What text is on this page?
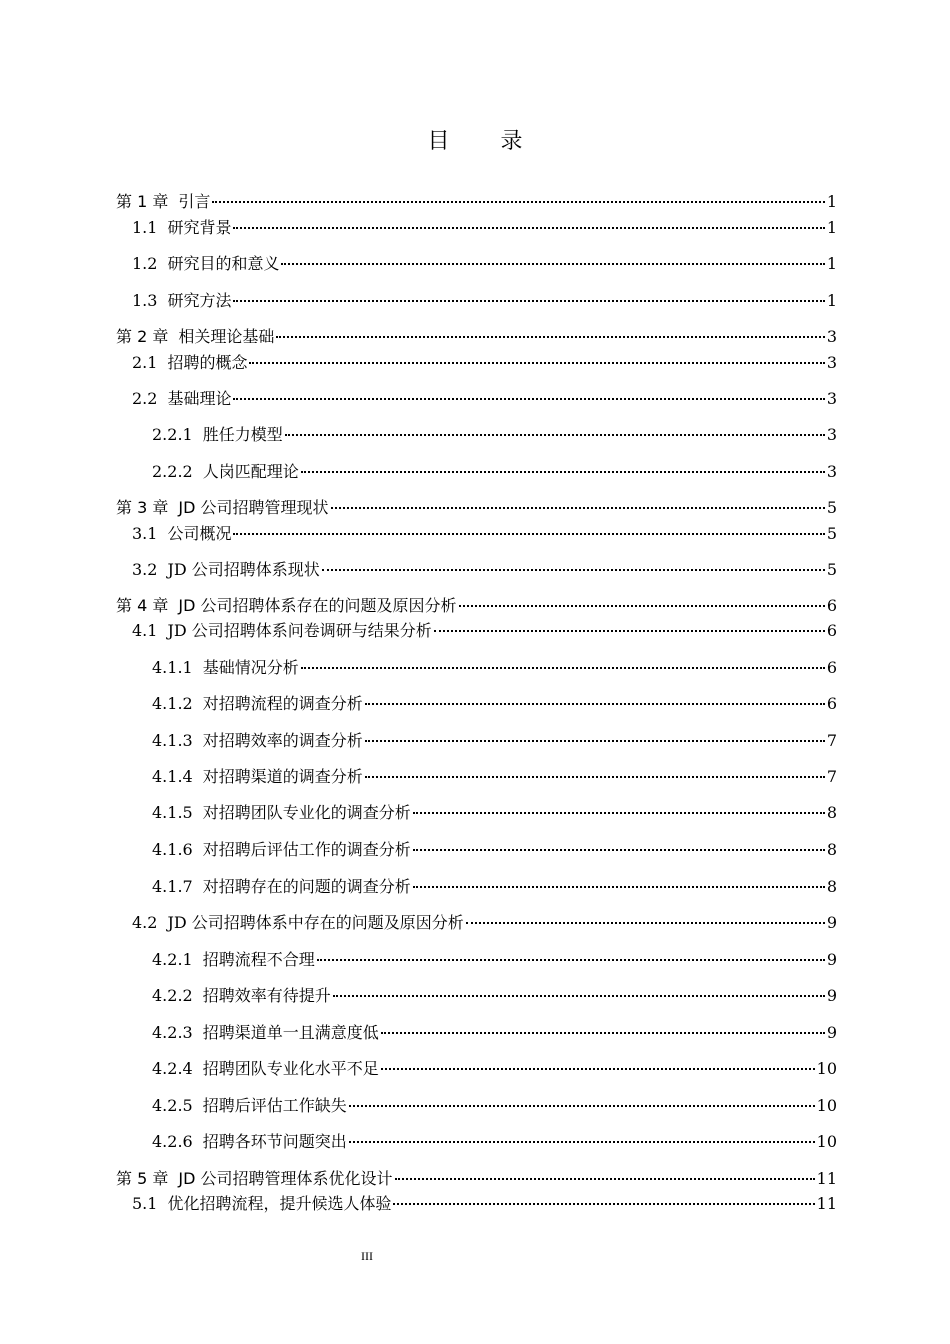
目 录
第 1 章 引言	1
1.1 研究背景	1
1.2 研究目的和意义	1
1.3 研究方法	1
第 2 章 相关理论基础	3
2.1 招聘的概念	3
2.2 基础理论	3
2.2.1 胜任力模型	3
2.2.2 人岗匹配理论	3
第 3 章 JD 公司招聘管理现状	5
3.1 公司概况	5
3.2 JD 公司招聘体系现状	5
第 4 章 JD 公司招聘体系存在的问题及原因分析	6
4.1 JD 公司招聘体系问卷调研与结果分析	6
4.1.1 基础情况分析	6
4.1.2 对招聘流程的调查分析	6
4.1.3 对招聘效率的调查分析	7
4.1.4 对招聘渠道的调查分析	7
4.1.5 对招聘团队专业化的调查分析	8
4.1.6 对招聘后评估工作的调查分析	8
4.1.7 对招聘存在的问题的调查分析	8
4.2 JD 公司招聘体系中存在的问题及原因分析	9
4.2.1 招聘流程不合理	9
4.2.2 招聘效率有待提升	9
4.2.3 招聘渠道单一且满意度低	9
4.2.4 招聘团队专业化水平不足	10
4.2.5 招聘后评估工作缺失	10
4.2.6 招聘各环节问题突出	10
第 5 章 JD 公司招聘管理体系优化设计	11
5.1 优化招聘流程，提升候选人体验	11
III
